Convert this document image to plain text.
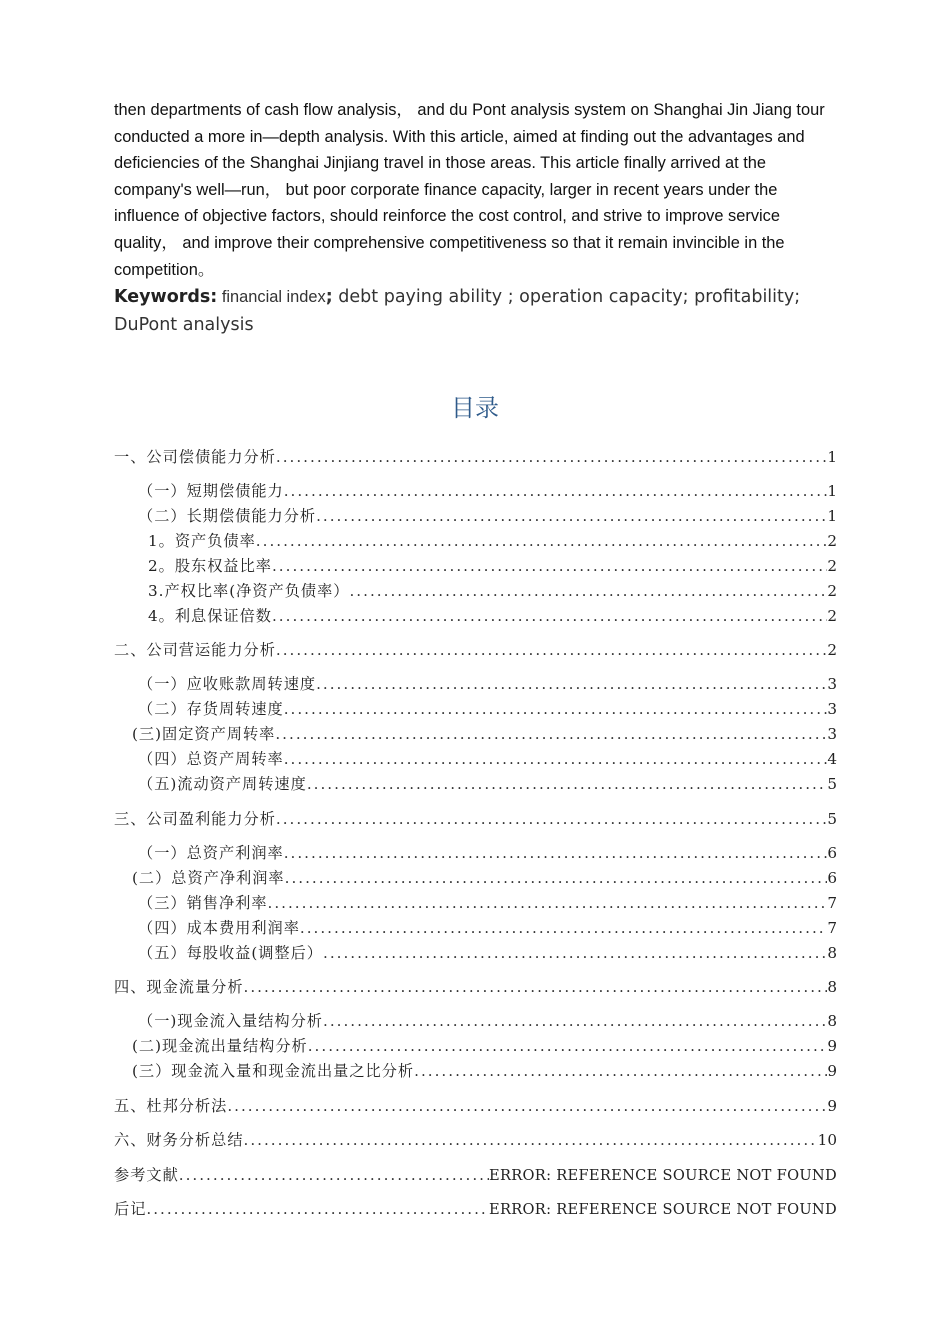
then departments of cash flow analysis， and du Pont analysis system on Shanghai Jin Jiang tour conducted a more in—depth analysis. With this article, aimed at finding out the advantages and deficiencies of the Shanghai Jinjiang travel in those areas. This article finally arrived at the company's well—run， but poor corporate finance capacity, larger in recent years under the influence of objective factors, should reinforce the cost control, and strive to improve service quality， and improve their comprehensive competitiveness so that it remain invincible in the competition。

Keywords: financial index; debt paying ability ; operation capacity; profitability; DuPont analysis

目录
一、公司偿债能力分析 .....	1
（一）短期偿债能力 .....	1
（二）长期偿债能力分析 .....	1
1。资产负债率 .....	2
2。股东权益比率 .....	2
3.产权比率(净资产负债率） .....	2
4。利息保证倍数 .....	2
二、公司营运能力分析 .....	2
（一）应收账款周转速度 .....	3
（二）存货周转速度 .....	3
(三)固定资产周转率 .....	3
（四）总资产周转率 .....	4
（五)流动资产周转速度 .....	5
三、公司盈利能力分析 .....	5
（一）总资产利润率 .....	6
(二）总资产净利润率 .....	6
（三）销售净利率 .....	7
（四）成本费用利润率 .....	7
（五）每股收益(调整后） .....	8
四、现金流量分析 .....	8
（一)现金流入量结构分析 .....	8
(二)现金流出量结构分析 .....	9
(三）现金流入量和现金流出量之比分析 .....	9
五、杜邦分析法 .....	9
六、财务分析总结 .....	10
参考文献 .....	ERROR: REFERENCE SOURCE NOT FOUND
后记 .....	ERROR: REFERENCE SOURCE NOT FOUND
